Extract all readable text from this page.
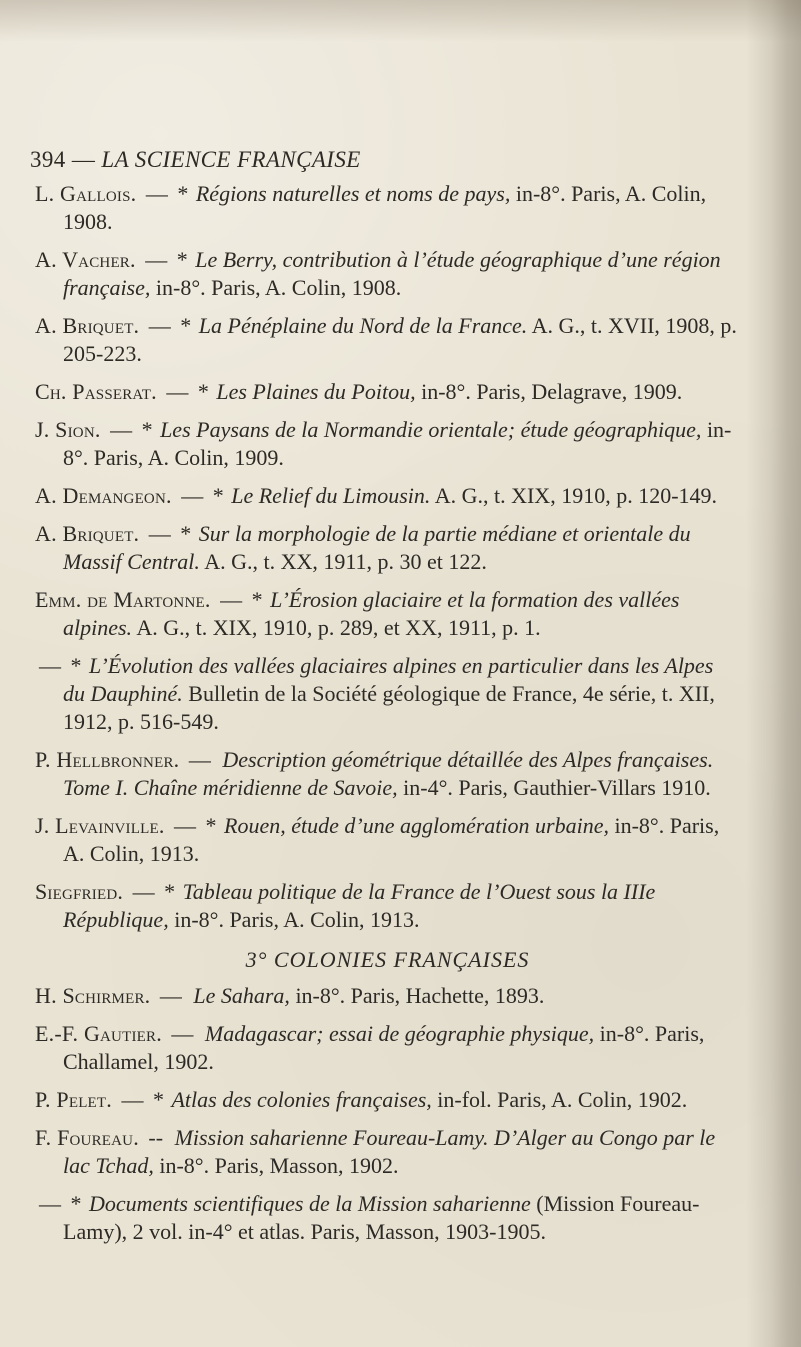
394 — LA SCIENCE FRANÇAISE

L. Gallois. — * Régions naturelles et noms de pays, in-8°. Paris, A. Colin, 1908.

A. Vacher. — * Le Berry, contribution à l’étude géographique d’une région française, in-8°. Paris, A. Colin, 1908.

A. Briquet. — * La Pénéplaine du Nord de la France. A. G., t. XVII, 1908, p. 205-223.

Ch. Passerat. — * Les Plaines du Poitou, in-8°. Paris, Delagrave, 1909.

J. Sion. — * Les Paysans de la Normandie orientale; étude géographique, in-8°. Paris, A. Colin, 1909.

A. Demangeon. — * Le Relief du Limousin. A. G., t. XIX, 1910, p. 120-149.

A. Briquet. — * Sur la morphologie de la partie médiane et orientale du Massif Central. A. G., t. XX, 1911, p. 30 et 122.

Emm. de Martonne. — * L’Érosion glaciaire et la formation des vallées alpines. A. G., t. XIX, 1910, p. 289, et XX, 1911, p. 1.

— * L’Évolution des vallées glaciaires alpines en particulier dans les Alpes du Dauphiné. Bulletin de la Société géologique de France, 4e série, t. XII, 1912, p. 516-549.

P. Hellbronner. — Description géométrique détaillée des Alpes françaises. Tome I. Chaîne méridienne de Savoie, in-4°. Paris, Gauthier-Villars 1910.

J. Levainville. — * Rouen, étude d’une agglomération urbaine, in-8°. Paris, A. Colin, 1913.

Siegfried. — * Tableau politique de la France de l’Ouest sous la IIIe République, in-8°. Paris, A. Colin, 1913.

3° COLONIES FRANÇAISES

H. Schirmer. — Le Sahara, in-8°. Paris, Hachette, 1893.

E.-F. Gautier. — Madagascar; essai de géographie physique, in-8°. Paris, Challamel, 1902.

P. Pelet. — * Atlas des colonies françaises, in-fol. Paris, A. Colin, 1902.

F. Foureau. -- Mission saharienne Foureau-Lamy. D’Alger au Congo par le lac Tchad, in-8°. Paris, Masson, 1902.

— * Documents scientifiques de la Mission saharienne (Mission Foureau-Lamy), 2 vol. in-4° et atlas. Paris, Masson, 1903-1905.
